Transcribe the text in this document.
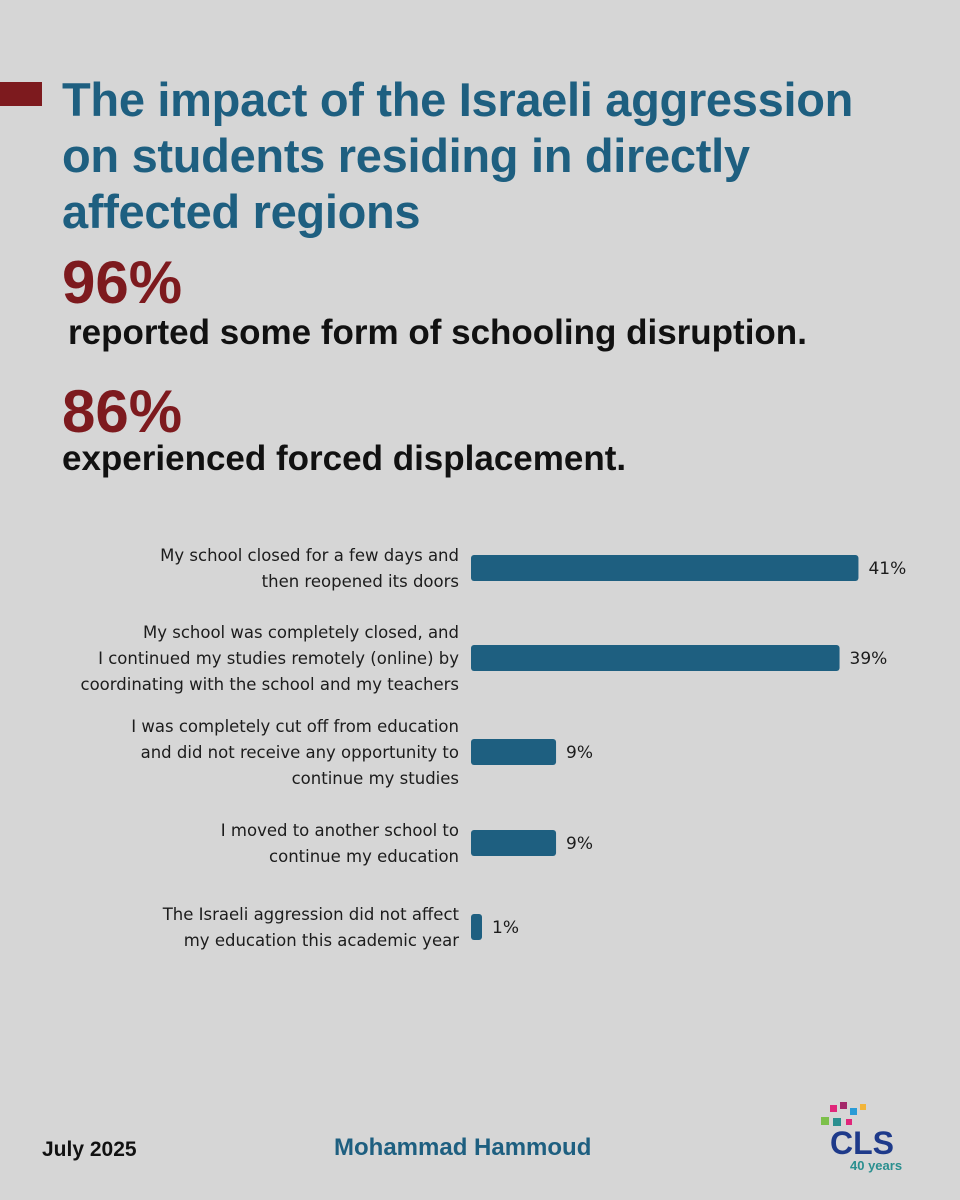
The impact of the Israeli aggression on students residing in directly affected regions
96%
reported some form of schooling disruption.
86%
experienced forced displacement.
41%
My school closed for a few days and then reopened its doors
39%
My school was completely closed, and I continued my studies remotely (online) by coordinating with the school and my teachers
9%
I was completely cut off from education and did not receive any opportunity to continue my studies
9%
I moved to another school to continue my education
1%
The Israeli aggression did not affect my education this academic year
July 2025	Mohammad Hammoud	CLS
40 years
